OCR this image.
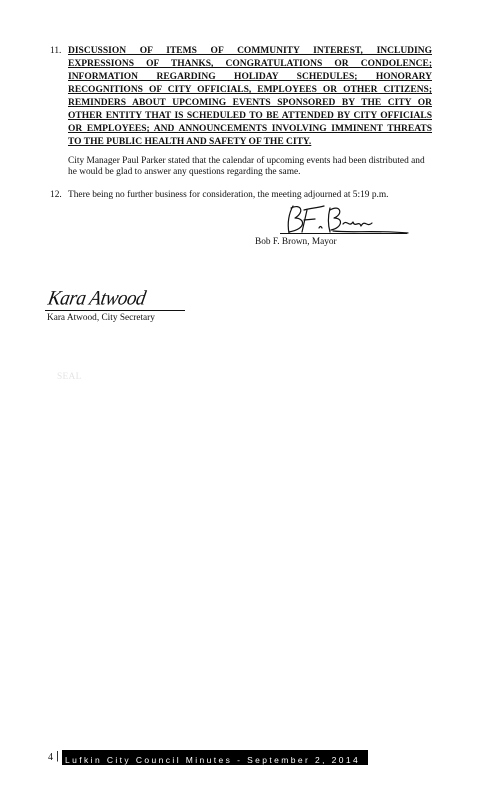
11. DISCUSSION OF ITEMS OF COMMUNITY INTEREST, INCLUDING
EXPRESSIONS OF THANKS, CONGRATULATIONS OR CONDOLENCE;
INFORMATION REGARDING HOLIDAY SCHEDULES; HONORARY
RECOGNITIONS OF CITY OFFICIALS, EMPLOYEES OR OTHER CITIZENS;
REMINDERS ABOUT UPCOMING EVENTS SPONSORED BY THE CITY OR
OTHER ENTITY THAT IS SCHEDULED TO BE ATTENDED BY CITY OFFICIALS
OR EMPLOYEES; AND ANNOUNCEMENTS INVOLVING IMMINENT THREATS
TO THE PUBLIC HEALTH AND SAFETY OF THE CITY.
City Manager Paul Parker stated that the calendar of upcoming events had been distributed and he would be glad to answer any questions regarding the same.
12. There being no further business for consideration, the meeting adjourned at 5:19 p.m.
Bob F. Brown, Mayor
Kara Atwood
Kara Atwood, City Secretary
SEAL
4 | Lufkin City Council Minutes - September 2, 2014
